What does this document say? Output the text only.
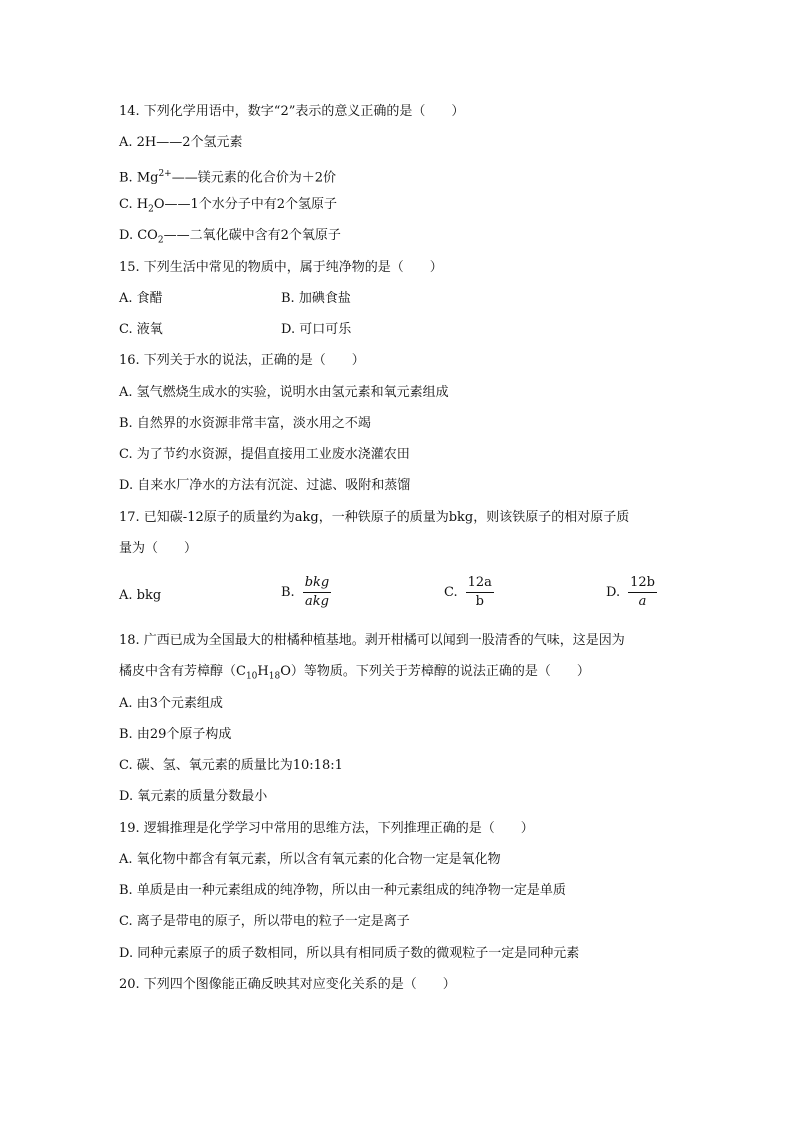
14. 下列化学用语中，数字“2”表示的意义正确的是（　　）
A. 2H——2个氢元素
B. $Mg^{2+}——$镁元素的化合价为＋2价
C. $H_2O——1$个水分子中有2个氢原子
D. $CO_2——$二氧化碳中含有2个氧原子
15. 下列生活中常见的物质中，属于纯净物的是（　　）
A. 食醋	B. 加碘食盐
C. 液氧	D. 可口可乐
16. 下列关于水的说法，正确的是（　　）
A. 氢气燃烧生成水的实验，说明水由氢元素和氧元素组成
B. 自然界的水资源非常丰富，淡水用之不竭
C. 为了节约水资源，提倡直接用工业废水浇灌农田
D. 自来水厂净水的方法有沉淀、过滤、吸附和蒸馏
17. 已知碳-12原子的质量约为akg，一种铁原子的质量为bkg，则该铁原子的相对原子质
量为（　　）
A. bkg	B. $\frac{\text{bkg}}{\text{akg}}$	C. $\frac{12a}{b}$	D. $\frac{12b}{a}$
18. 广西已成为全国最大的柑橘种植基地。剥开柑橘可以闻到一股清香的气味，这是因为
橘皮中含有芳樟醇$(C_{10}H_{18}O)$等物质。下列关于芳樟醇的说法正确的是（　　）
A. 由3个元素组成
B. 由29个原子构成
C. 碳、氢、氧元素的质量比为10:18:1
D. 氧元素的质量分数最小
19. 逻辑推理是化学学习中常用的思维方法，下列推理正确的是（　　）
A. 氧化物中都含有氧元素，所以含有氧元素的化合物一定是氧化物
B. 单质是由一种元素组成的纯净物，所以由一种元素组成的纯净物一定是单质
C. 离子是带电的原子，所以带电的粒子一定是离子
D. 同种元素原子的质子数相同，所以具有相同质子数的微观粒子一定是同种元素
20. 下列四个图像能正确反映其对应变化关系的是（　　）
